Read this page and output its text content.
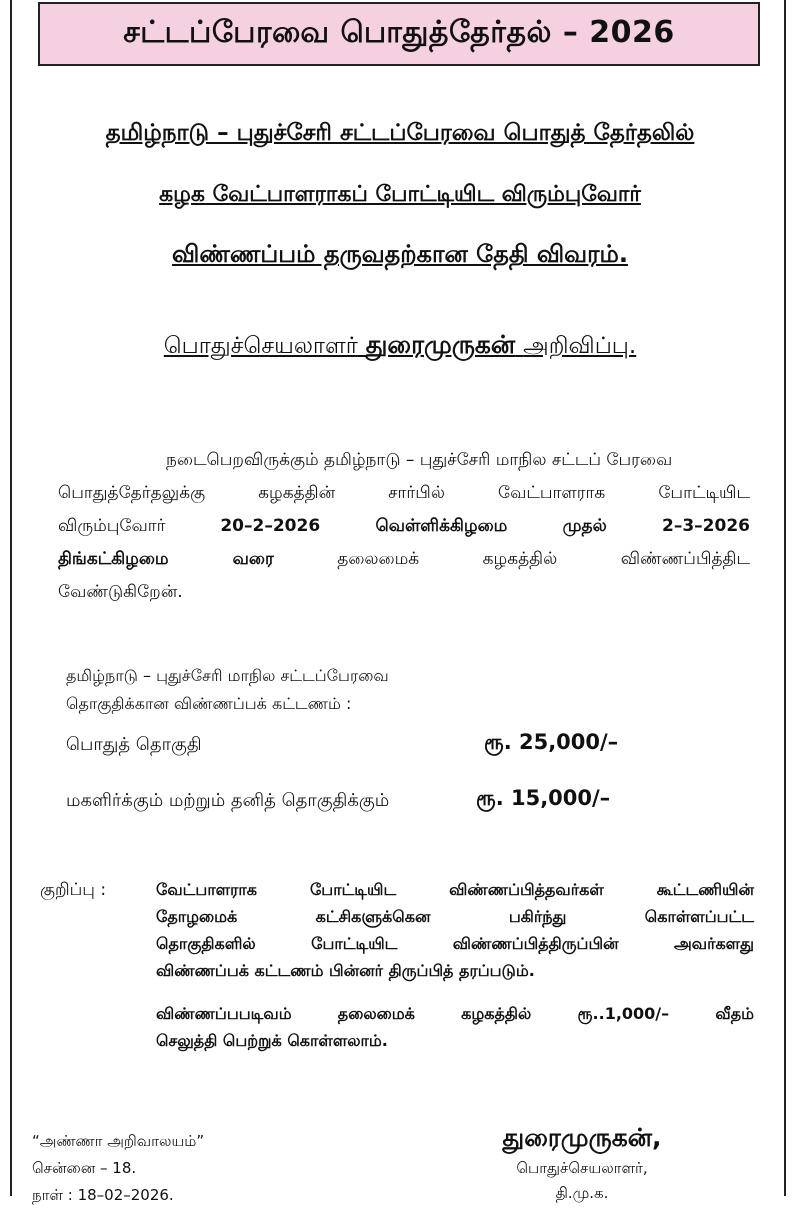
சட்டப்பேரவை பொதுத்தேர்தல் – 2026
தமிழ்நாடு – புதுச்சேரி சட்டப்பேரவை பொதுத் தேர்தலில்
கழக வேட்பாளராகப் போட்டியிட விரும்புவோர்
விண்ணப்பம் தருவதற்கான தேதி விவரம்.
பொதுச்செயலாளர் துரைமுருகன் அறிவிப்பு.
நடைபெறவிருக்கும் தமிழ்நாடு – புதுச்சேரி மாநில சட்டப் பேரவை
பொதுத்தேர்தலுக்கு கழகத்தின் சார்பில் வேட்பாளராக போட்டியிட
விரும்புவோர்	20–2–2026 வெள்ளிக்கிழமை முதல் 2–3–2026
திங்கட்கிழமை வரை	தலைமைக் கழகத்தில் விண்ணப்பித்திட
வேண்டுகிறேன்.
தமிழ்நாடு – புதுச்சேரி மாநில சட்டப்பேரவை
தொகுதிக்கான விண்ணப்பக் கட்டணம் :
பொதுத் தொகுதி	ரூ. 25,000/–
மகளிர்க்கும் மற்றும் தனித் தொகுதிக்கும்	ரூ. 15,000/–
குறிப்பு :	வேட்பாளராக போட்டியிட விண்ணப்பித்தவர்கள் கூட்டணியின்
தோழமைக் கட்சிகளுக்கென பகிர்ந்து கொள்ளப்பட்ட
தொகுதிகளில் போட்டியிட விண்ணப்பித்திருப்பின் அவர்களது
விண்ணப்பக் கட்டணம் பின்னர் திருப்பித் தரப்படும்.
விண்ணப்பபடிவம் தலைமைக் கழகத்தில் ரூ..1,000/– வீதம்
செலுத்தி பெற்றுக் கொள்ளலாம்.
“அண்ணா அறிவாலயம்”
சென்னை – 18.
நாள் : 18–02–2026.
துரைமுருகன்,
பொதுச்செயலாளர்,
தி.மு.க.
